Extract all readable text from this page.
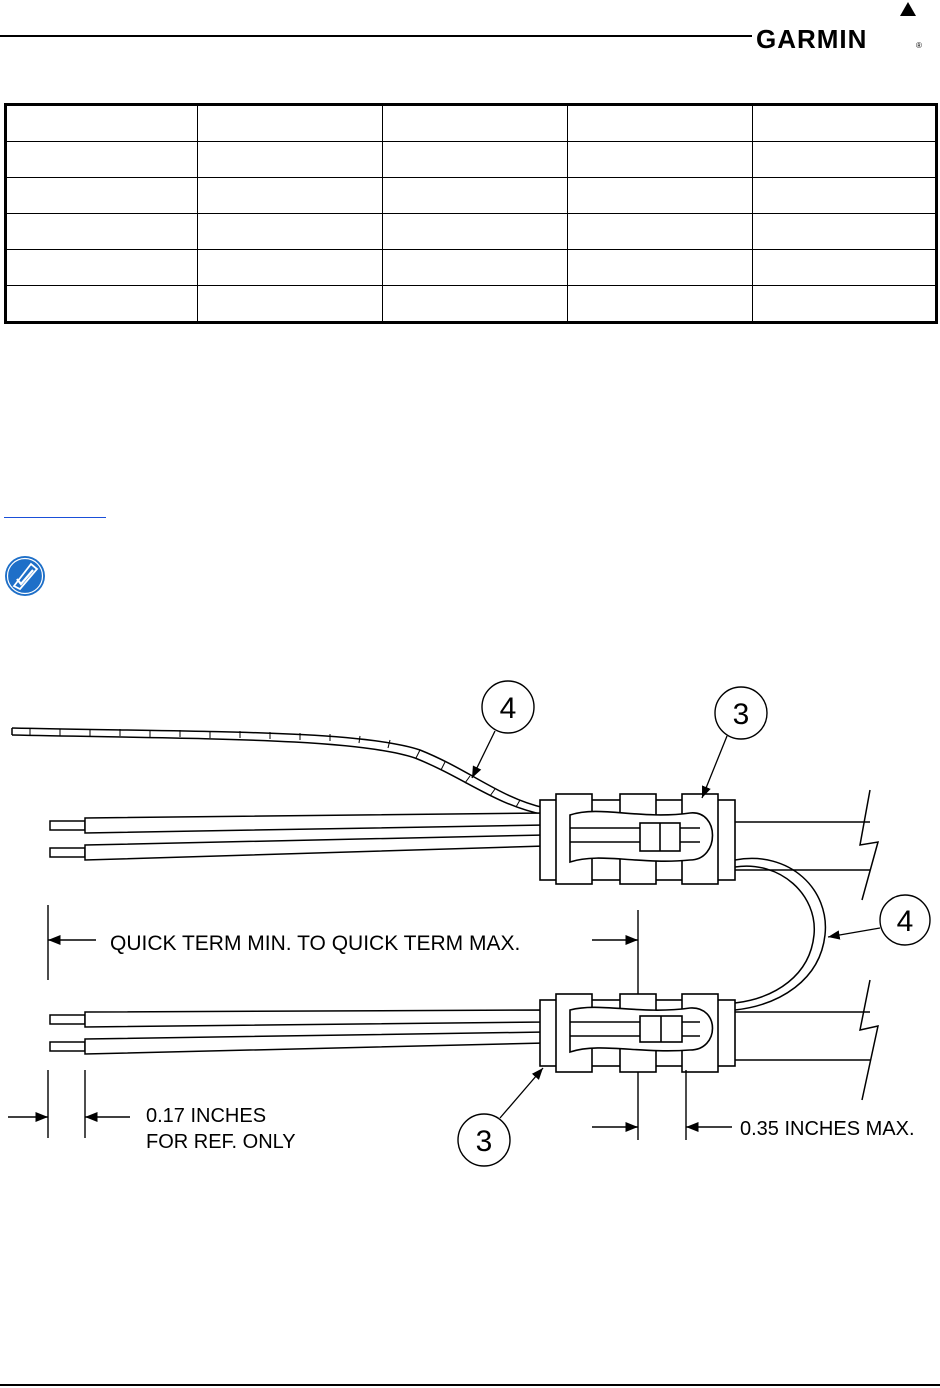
GARMIN	®

QUICK TERM MIN. TO QUICK TERM MAX.
0.17 INCHES
FOR REF. ONLY
0.35 INCHES MAX.
4	3
4
3
